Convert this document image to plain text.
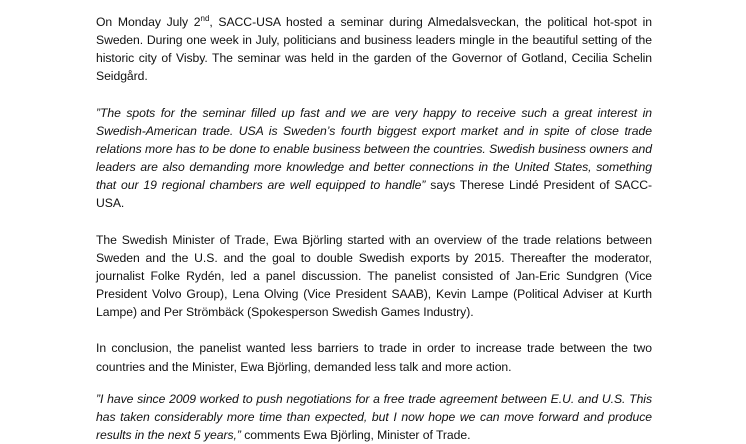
On Monday July 2nd, SACC-USA hosted a seminar during Almedalsveckan, the political hot-spot in Sweden. During one week in July, politicians and business leaders mingle in the beautiful setting of the historic city of Visby. The seminar was held in the garden of the Governor of Gotland, Cecilia Schelin Seidgård.

”The spots for the seminar filled up fast and we are very happy to receive such a great interest in Swedish-American trade. USA is Sweden’s fourth biggest export market and in spite of close trade relations more has to be done to enable business between the countries. Swedish business owners and leaders are also demanding more knowledge and better connections in the United States, something that our 19 regional chambers are well equipped to handle” says Therese Lindé President of SACC-USA.

The Swedish Minister of Trade, Ewa Björling started with an overview of the trade relations between Sweden and the U.S. and the goal to double Swedish exports by 2015. Thereafter the moderator, journalist Folke Rydén, led a panel discussion. The panelist consisted of Jan-Eric Sundgren (Vice President Volvo Group), Lena Olving (Vice President SAAB), Kevin Lampe (Political Adviser at Kurth Lampe) and Per Strömbäck (Spokesperson Swedish Games Industry).

In conclusion, the panelist wanted less barriers to trade in order to increase trade between the two countries and the Minister, Ewa Björling, demanded less talk and more action.

”I have since 2009 worked to push negotiations for a free trade agreement between E.U. and U.S. This has taken considerably more time than expected, but I now hope we can move forward and produce results in the next 5 years,” comments Ewa Björling, Minister of Trade.
